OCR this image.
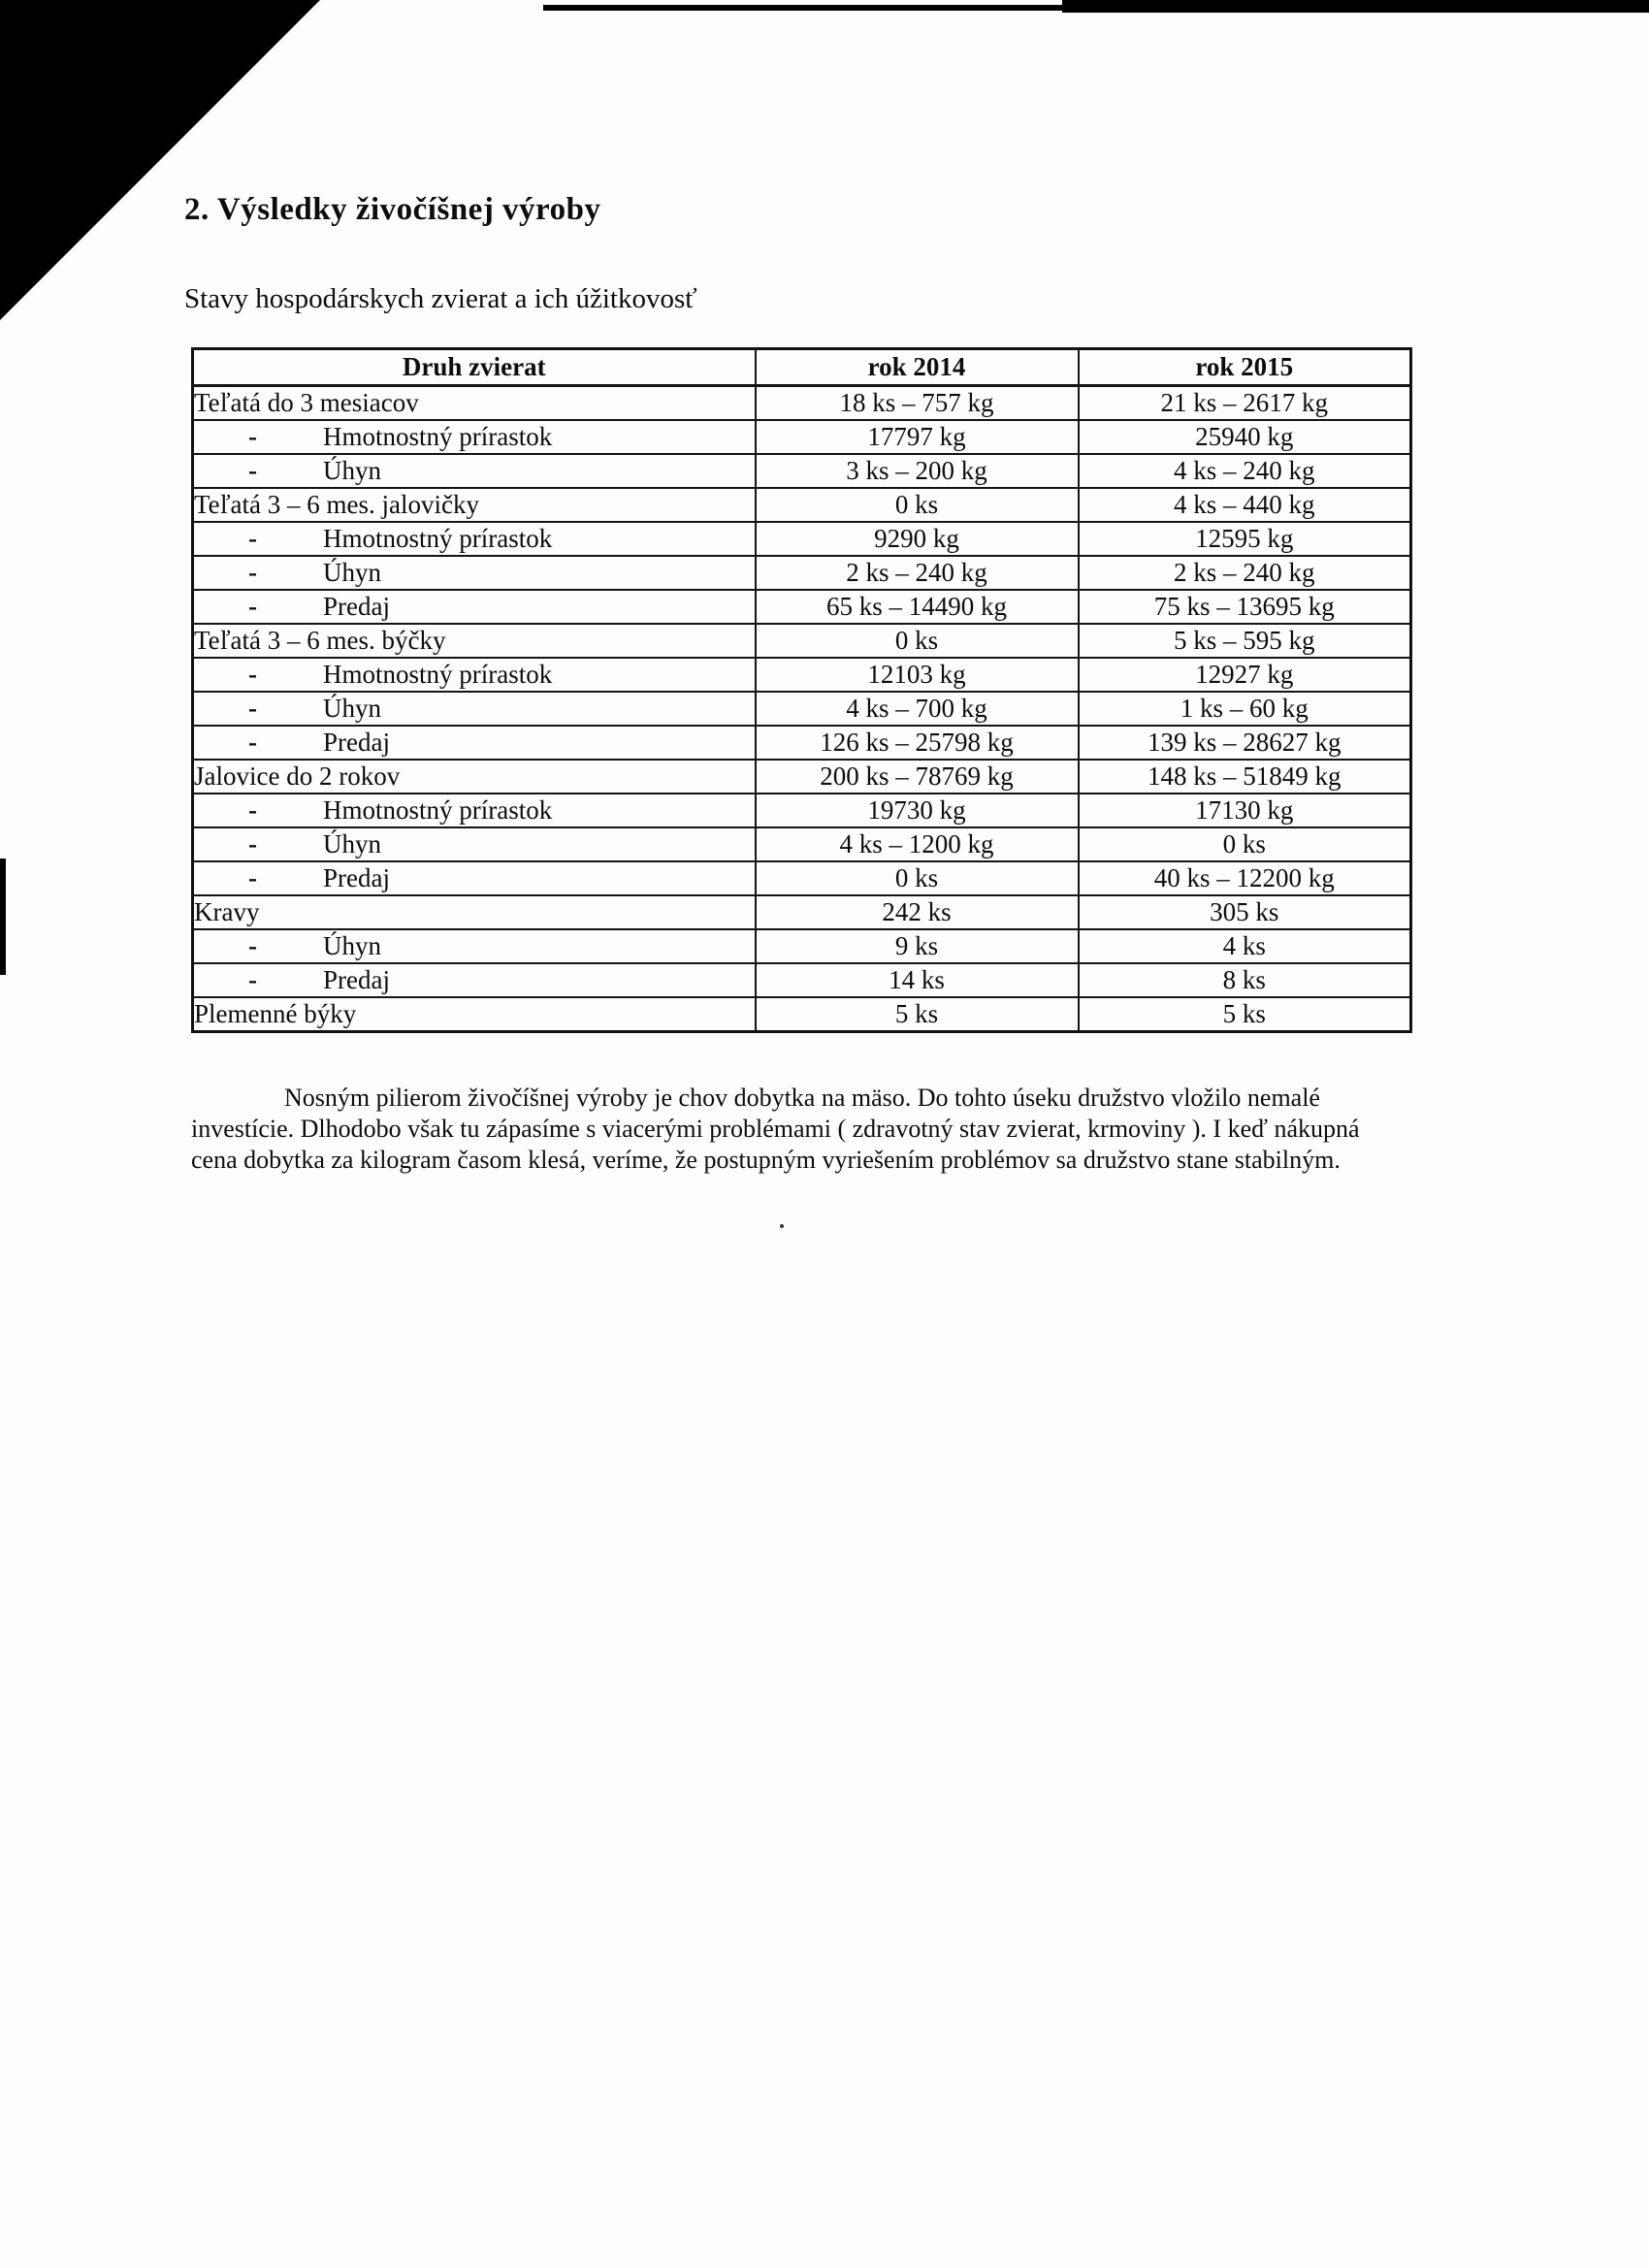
2. Výsledky živočíšnej výroby
Stavy hospodárskych zvierat a ich úžitkovosť
Druh zvierat	rok 2014	rok 2015
Teľatá do 3 mesiacov	18 ks – 757 kg	21 ks – 2617 kg
- Hmotnostný prírastok	17797 kg	25940 kg
- Úhyn	3 ks – 200 kg	4 ks – 240 kg
Teľatá 3 – 6 mes. jalovičky	0 ks	4 ks – 440 kg
- Hmotnostný prírastok	9290 kg	12595 kg
- Úhyn	2 ks – 240 kg	2 ks – 240 kg
- Predaj	65 ks – 14490 kg	75 ks – 13695 kg
Teľatá 3 – 6 mes. býčky	0 ks	5 ks – 595 kg
- Hmotnostný prírastok	12103 kg	12927 kg
- Úhyn	4 ks – 700 kg	1 ks – 60 kg
- Predaj	126 ks – 25798 kg	139 ks – 28627 kg
Jalovice do 2 rokov	200 ks – 78769 kg	148 ks – 51849 kg
- Hmotnostný prírastok	19730 kg	17130 kg
- Úhyn	4 ks – 1200 kg	0 ks
- Predaj	0 ks	40 ks – 12200 kg
Kravy	242 ks	305 ks
- Úhyn	9 ks	4 ks
- Predaj	14 ks	8 ks
Plemenné býky	5 ks	5 ks
Nosným pilierom živočíšnej výroby je chov dobytka na mäso. Do tohto úseku družstvo vložilo nemalé investície. Dlhodobo však tu zápasíme s viacerými problémami ( zdravotný stav zvierat, krmoviny ). I keď nákupná cena dobytka za kilogram časom klesá, veríme, že postupným vyriešením problémov sa družstvo stane stabilným.
